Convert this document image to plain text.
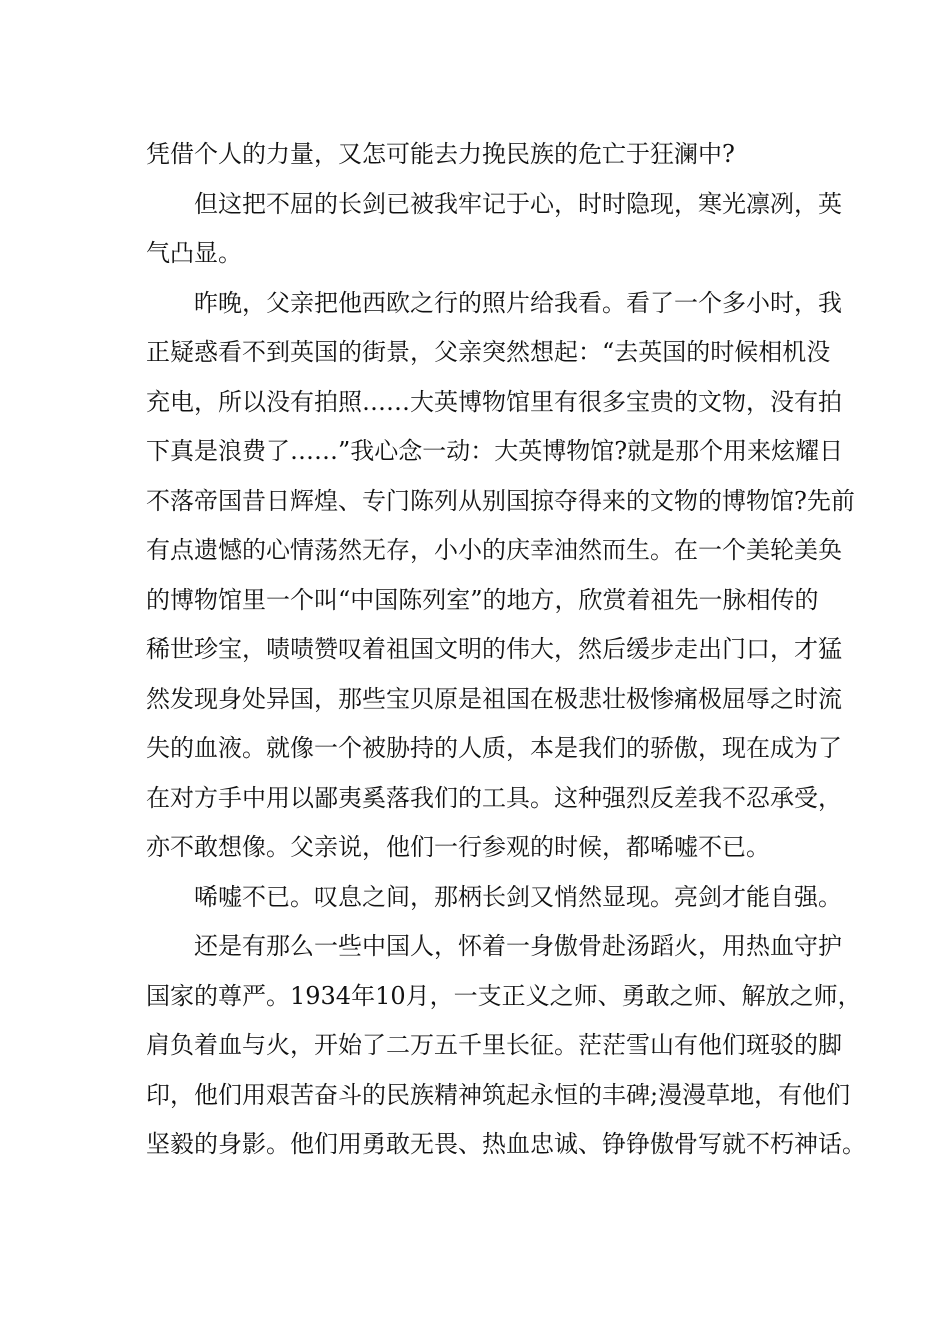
凭借个人的力量，又怎可能去力挽民族的危亡于狂澜中?
但这把不屈的长剑已被我牢记于心，时时隐现，寒光凛冽，英
气凸显。
昨晚，父亲把他西欧之行的照片给我看。看了一个多小时，我
正疑惑看不到英国的街景，父亲突然想起：“去英国的时候相机没
充电，所以没有拍照……大英博物馆里有很多宝贵的文物，没有拍
下真是浪费了……”我心念一动：大英博物馆?就是那个用来炫耀日
不落帝国昔日辉煌、专门陈列从别国掠夺得来的文物的博物馆?先前
有点遗憾的心情荡然无存，小小的庆幸油然而生。在一个美轮美奂
的博物馆里一个叫“中国陈列室”的地方，欣赏着祖先一脉相传的
稀世珍宝，啧啧赞叹着祖国文明的伟大，然后缓步走出门口，才猛
然发现身处异国，那些宝贝原是祖国在极悲壮极惨痛极屈辱之时流
失的血液。就像一个被胁持的人质，本是我们的骄傲，现在成为了
在对方手中用以鄙夷奚落我们的工具。这种强烈反差我不忍承受，
亦不敢想像。父亲说，他们一行参观的时候，都唏嘘不已。
唏嘘不已。叹息之间，那柄长剑又悄然显现。亮剑才能自强。
还是有那么一些中国人，怀着一身傲骨赴汤蹈火，用热血守护
国家的尊严。1934年10月，一支正义之师、勇敢之师、解放之师，
肩负着血与火，开始了二万五千里长征。茫茫雪山有他们斑驳的脚
印，他们用艰苦奋斗的民族精神筑起永恒的丰碑;漫漫草地，有他们
坚毅的身影。他们用勇敢无畏、热血忠诚、铮铮傲骨写就不朽神话。
